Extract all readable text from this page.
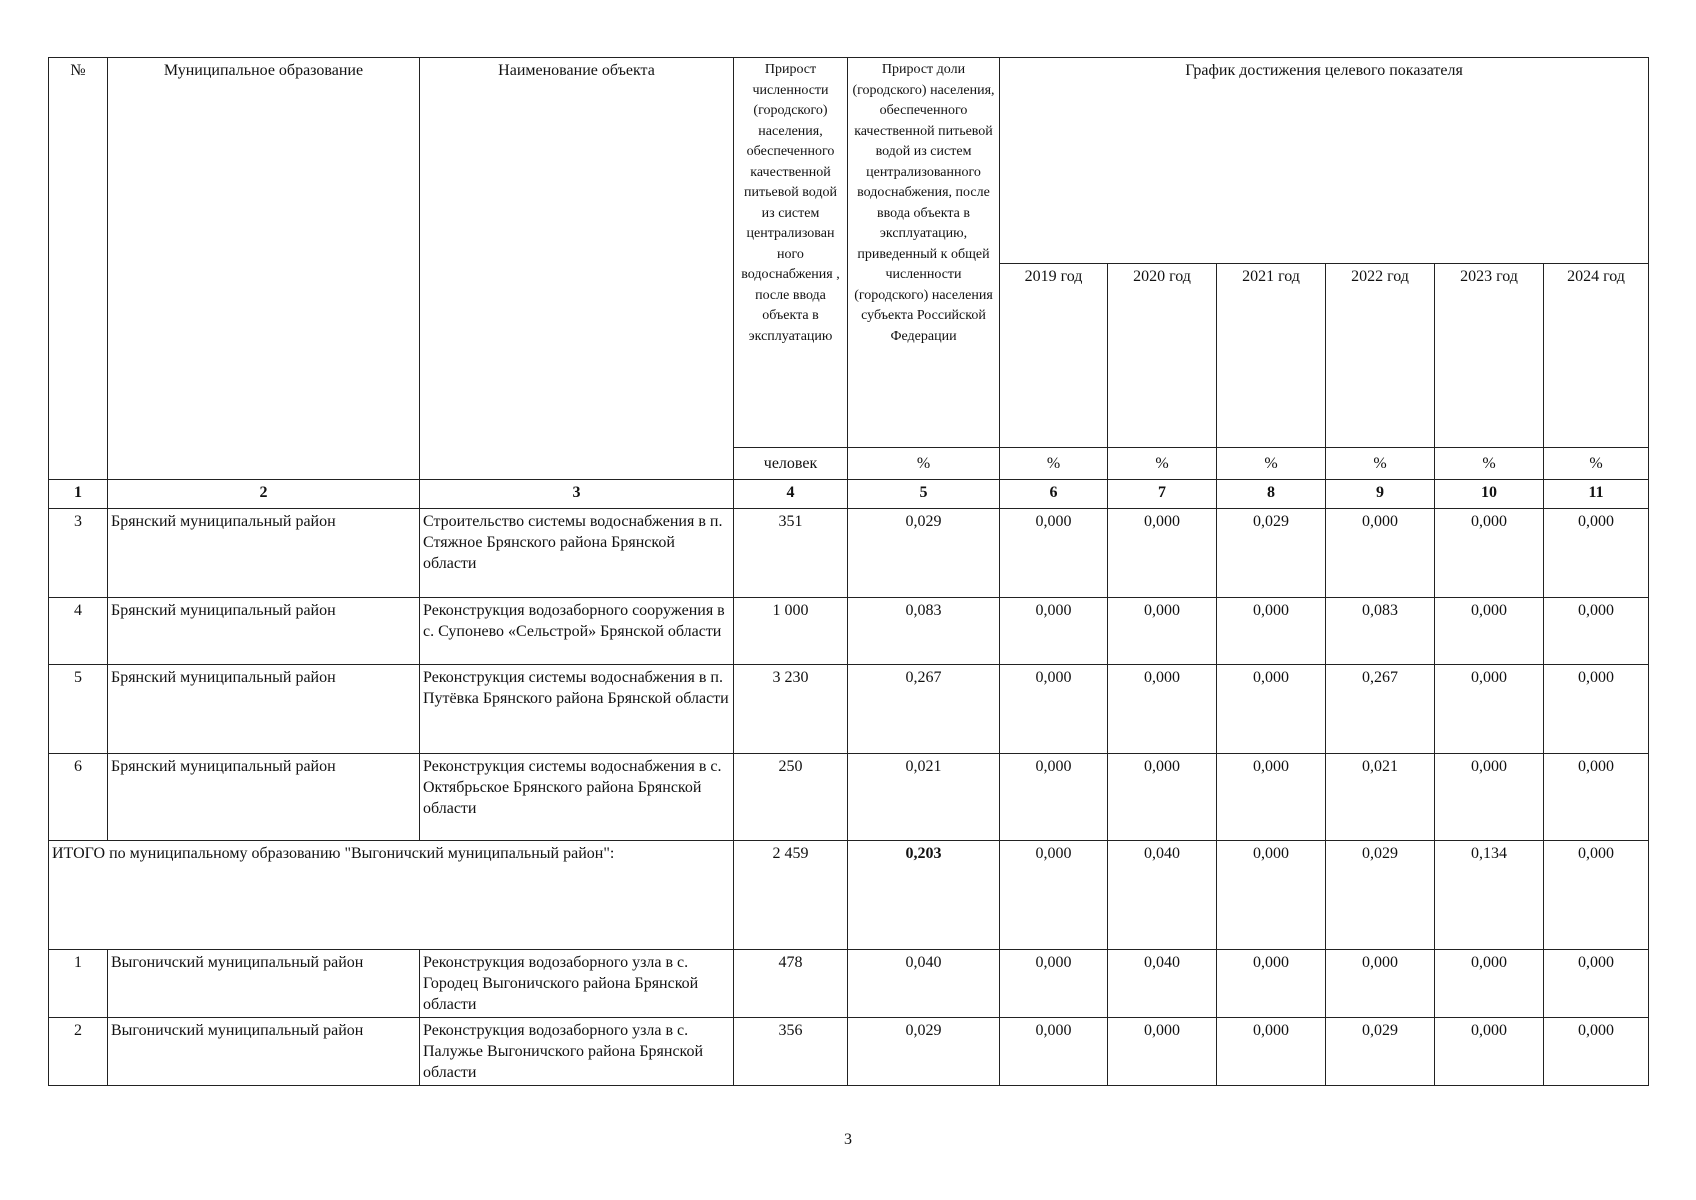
№	Муниципальное образование	Наименование объекта	Прирост численности (городского) населения, обеспеченного качественной питьевой водой из систем централизован ного водоснабжения , после ввода объекта в эксплуатацию	Прирост доли (городского) населения, обеспеченного качественной питьевой водой из систем централизованного водоснабжения, после ввода объекта в эксплуатацию, приведенный к общей численности (городского) населения субъекта Российской Федерации	График достижения целевого показателя					
					2019 год	2020 год	2021 год	2022 год	2023 год	2024 год
			человек	%	%	%	%	%	%	%
1	2	3	4	5	6	7	8	9	10	11
3	Брянский муниципальный район	Строительство системы водоснабжения в п. Стяжное Брянского района Брянской области	351	0,029	0,000	0,000	0,029	0,000	0,000	0,000
4	Брянский муниципальный район	Реконструкция водозаборного сооружения в с. Супонево «Сельстрой» Брянской области	1 000	0,083	0,000	0,000	0,000	0,083	0,000	0,000
5	Брянский муниципальный район	Реконструкция системы водоснабжения в п. Путёвка Брянского района Брянской области	3 230	0,267	0,000	0,000	0,000	0,267	0,000	0,000
6	Брянский муниципальный район	Реконструкция системы водоснабжения в с. Октябрьское Брянского района Брянской области	250	0,021	0,000	0,000	0,000	0,021	0,000	0,000
ИТОГО по муниципальному образованию "Выгоничский муниципальный район":			2 459	0,203	0,000	0,040	0,000	0,029	0,134	0,000
1	Выгоничский муниципальный район	Реконструкция водозаборного узла в с. Городец Выгоничского района Брянской области	478	0,040	0,000	0,040	0,000	0,000	0,000	0,000
2	Выгоничский муниципальный район	Реконструкция водозаборного узла в с. Палужье Выгоничского района Брянской области	356	0,029	0,000	0,000	0,000	0,029	0,000	0,000
3
